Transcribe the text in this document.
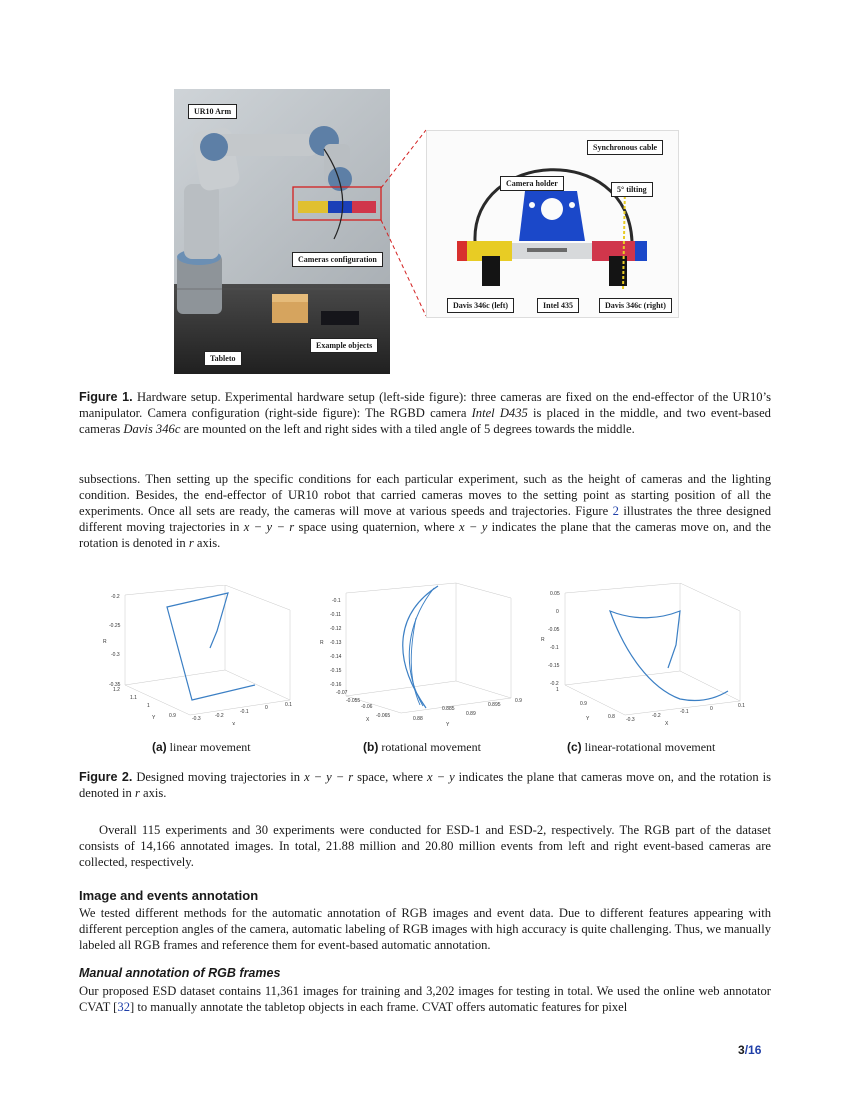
UR10 Arm
Cameras configuration
Example objects
Tableto
Synchronous cable
Camera holder
5° tilting
Davis 346c (left)	Intel 435	Davis 346c (right)
Figure 1. Hardware setup. Experimental hardware setup (left-side figure): three cameras are fixed on the end-effector of the UR10’s manipulator. Camera configuration (right-side figure): The RGBD camera Intel D435 is placed in the middle, and two event-based cameras Davis 346c are mounted on the left and right sides with a tiled angle of 5 degrees towards the middle.
subsections. Then setting up the specific conditions for each particular experiment, such as the height of cameras and the lighting condition. Besides, the end-effector of UR10 robot that carried cameras moves to the setting point as starting position of all the experiments. Once all sets are ready, the cameras will move at various speeds and trajectories. Figure 2 illustrates the three designed different moving trajectories in x − y − r space using quaternion, where x − y indicates the plane that the cameras move on, and the rotation is denoted in r axis.
-0.2
-0.25
-0.3
-0.35
R
1.2
1.1
1
0.9
Y	-0.3	-0.2
-0.1
0	0.1
X
-0.1
-0.11
-0.12
-0.13
-0.14
-0.15
-0.16
R
-0.07
-0.055
-0.06
-0.065
X	0.88
0.885
0.89
0.895
0.9
Y
0.05
0
-0.05
-0.1
-0.15
-0.2
R
1
0.9
0.8
Y	-0.3
-0.2
-0.1	0	0.1
X
(a) linear movement	(b) rotational movement	(c) linear-rotational movement
Figure 2. Designed moving trajectories in x − y − r space, where x − y indicates the plane that cameras move on, and the rotation is denoted in r axis.
Overall 115 experiments and 30 experiments were conducted for ESD-1 and ESD-2, respectively. The RGB part of the dataset consists of 14,166 annotated images. In total, 21.88 million and 20.80 million events from left and right event-based cameras are collected, respectively.
Image and events annotation
We tested different methods for the automatic annotation of RGB images and event data. Due to different features appearing with different perception angles of the camera, automatic labeling of RGB images with high accuracy is quite challenging. Thus, we manually labeled all RGB frames and reference them for event-based automatic annotation.
Manual annotation of RGB frames
Our proposed ESD dataset contains 11,361 images for training and 3,202 images for testing in total. We used the online web annotator CVAT [32] to manually annotate the tabletop objects in each frame. CVAT offers automatic features for pixel
3/16
